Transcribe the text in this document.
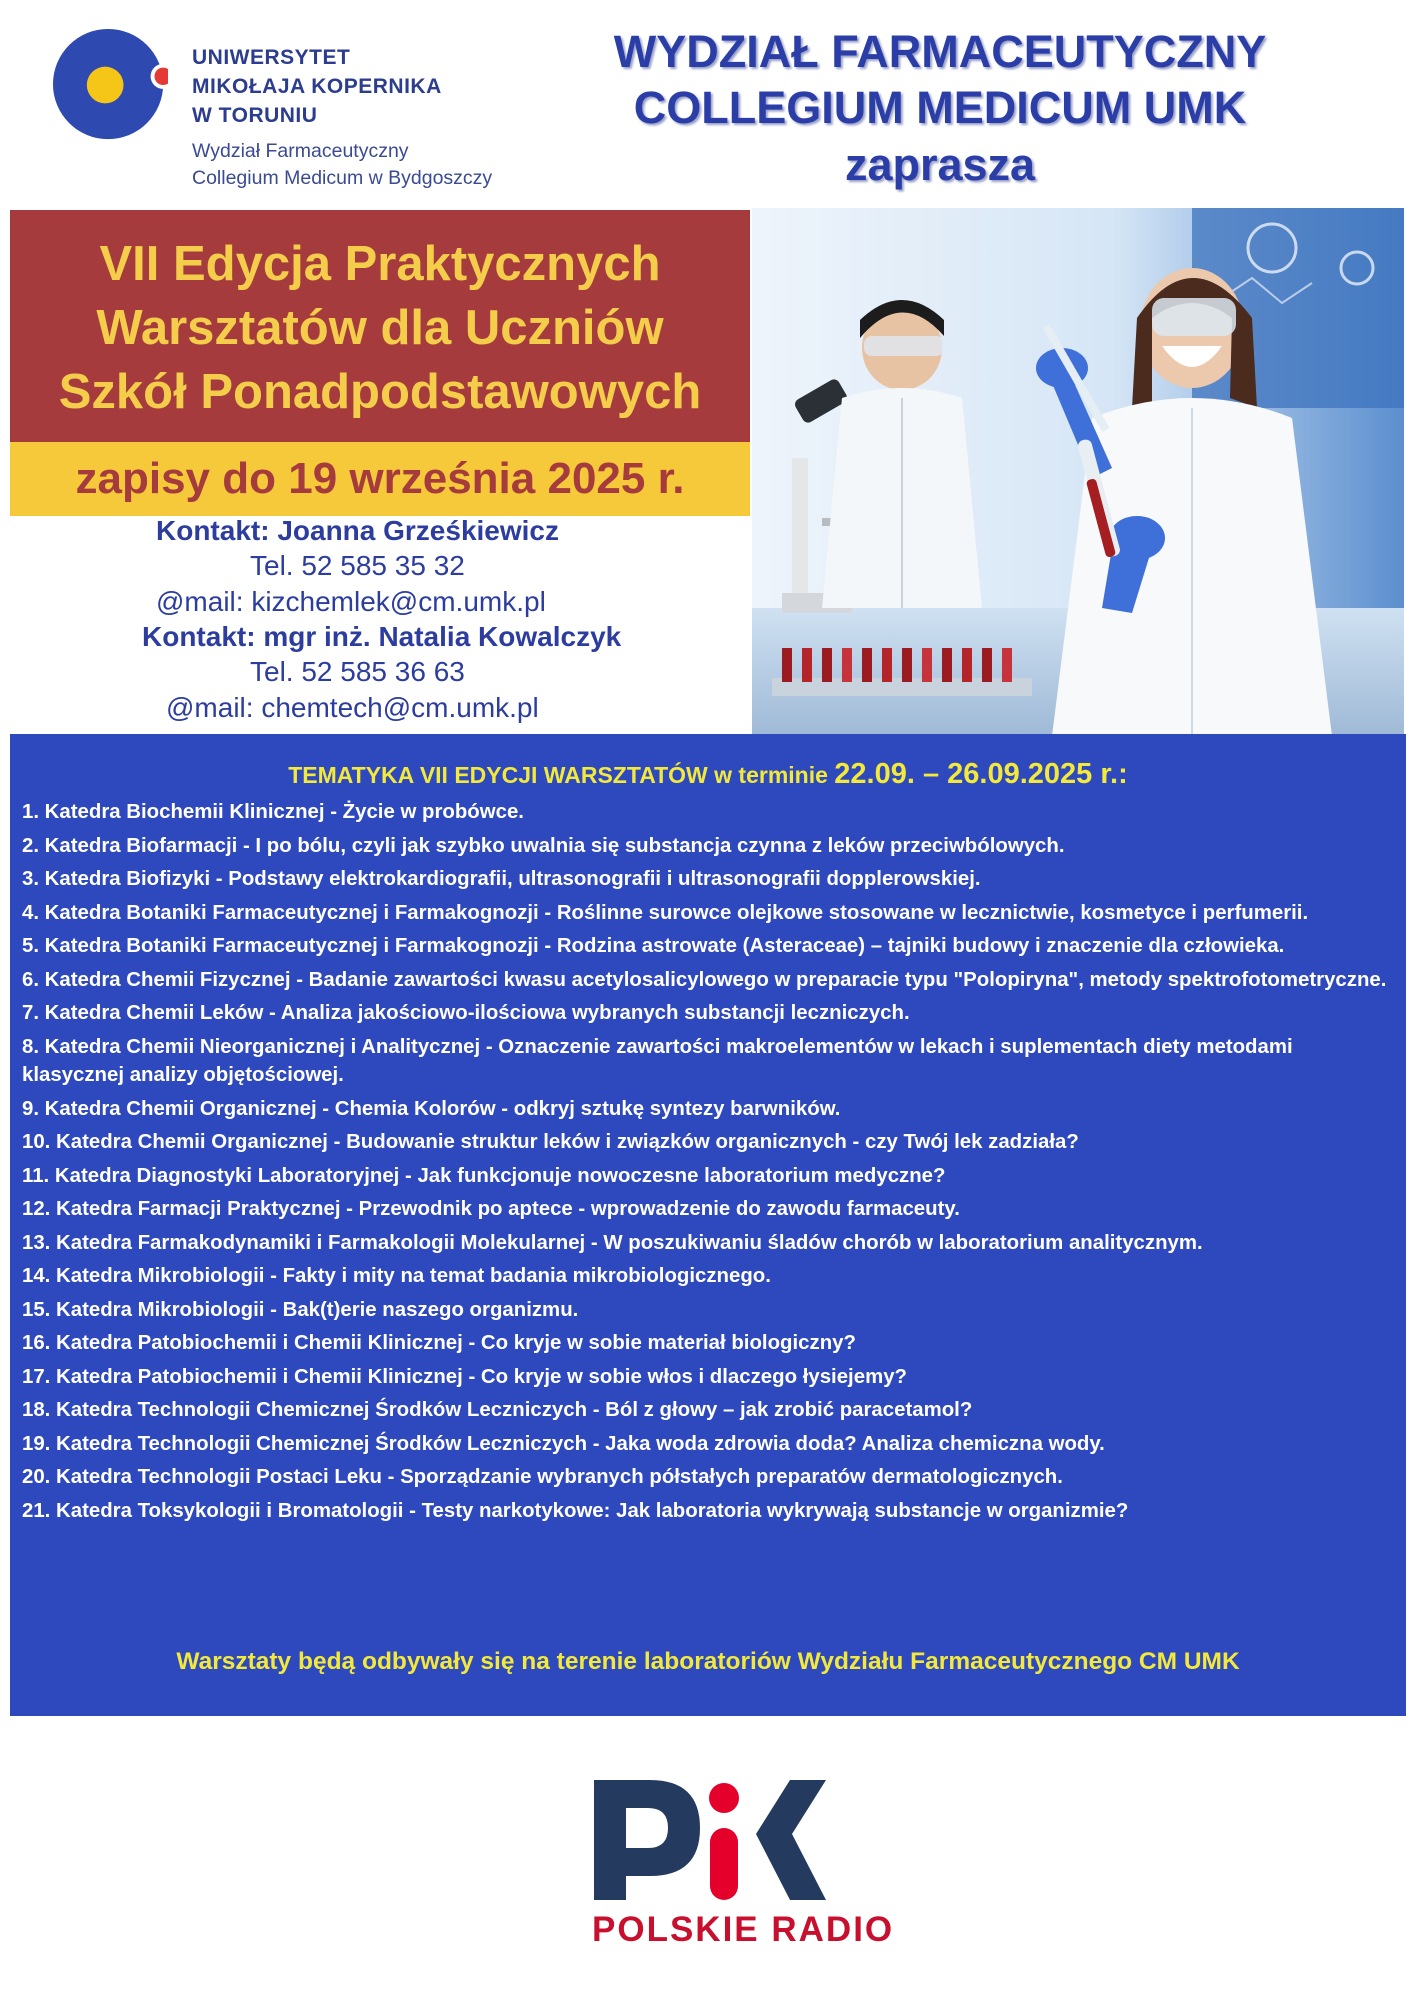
UNIWERSYTET
MIKOŁAJA KOPERNIKA
W TORUNIU
Wydział Farmaceutyczny
Collegium Medicum w Bydgoszczy
WYDZIAŁ FARMACEUTYCZNY
COLLEGIUM MEDICUM UMK
zaprasza
VII Edycja Praktycznych
Warsztatów dla Uczniów
Szkół Ponadpodstawowych
zapisy do 19 września 2025 r.
Kontakt: Joanna Grześkiewicz
Tel. 52 585 35 32
@mail: kizchemlek@cm.umk.pl
Kontakt: mgr inż. Natalia Kowalczyk
Tel. 52 585 36 63
@mail: chemtech@cm.umk.pl
TEMATYKA VII EDYCJI WARSZTATÓW w terminie 22.09. – 26.09.2025 r.:
1. Katedra Biochemii Klinicznej - Życie w probówce.
2. Katedra Biofarmacji - I po bólu, czyli jak szybko uwalnia się substancja czynna z leków przeciwbólowych.
3. Katedra Biofizyki - Podstawy elektrokardiografii, ultrasonografii i ultrasonografii dopplerowskiej.
4. Katedra Botaniki Farmaceutycznej i Farmakognozji - Roślinne surowce olejkowe stosowane w lecznictwie, kosmetyce i perfumerii.
5. Katedra Botaniki Farmaceutycznej i Farmakognozji - Rodzina astrowate (Asteraceae) – tajniki budowy i znaczenie dla człowieka.
6. Katedra Chemii Fizycznej - Badanie zawartości kwasu acetylosalicylowego w preparacie typu "Polopiryna", metody spektrofotometryczne.
7. Katedra Chemii Leków - Analiza jakościowo-ilościowa wybranych substancji leczniczych.
8. Katedra Chemii Nieorganicznej i Analitycznej - Oznaczenie zawartości makroelementów w lekach i suplementach diety metodami klasycznej analizy objętościowej.
9. Katedra Chemii Organicznej - Chemia Kolorów - odkryj sztukę syntezy barwników.
10. Katedra Chemii Organicznej - Budowanie struktur leków i związków organicznych - czy Twój lek zadziała?
11. Katedra Diagnostyki Laboratoryjnej - Jak funkcjonuje nowoczesne laboratorium medyczne?
12. Katedra Farmacji Praktycznej - Przewodnik po aptece - wprowadzenie do zawodu farmaceuty.
13. Katedra Farmakodynamiki i Farmakologii Molekularnej - W poszukiwaniu śladów chorób w laboratorium analitycznym.
14. Katedra Mikrobiologii - Fakty i mity na temat badania mikrobiologicznego.
15. Katedra Mikrobiologii - Bak(t)erie naszego organizmu.
16. Katedra Patobiochemii i Chemii Klinicznej - Co kryje w sobie materiał biologiczny?
17. Katedra Patobiochemii i Chemii Klinicznej - Co kryje w sobie włos i dlaczego łysiejemy?
18. Katedra Technologii Chemicznej Środków Leczniczych - Ból z głowy – jak zrobić paracetamol?
19. Katedra Technologii Chemicznej Środków Leczniczych - Jaka woda zdrowia doda? Analiza chemiczna wody.
20. Katedra Technologii Postaci Leku - Sporządzanie wybranych półstałych preparatów dermatologicznych.
21. Katedra Toksykologii i Bromatologii - Testy narkotykowe: Jak laboratoria wykrywają substancje w organizmie?
Warsztaty będą odbywały się na terenie laboratoriów Wydziału Farmaceutycznego CM UMK
POLSKIE RADIO
